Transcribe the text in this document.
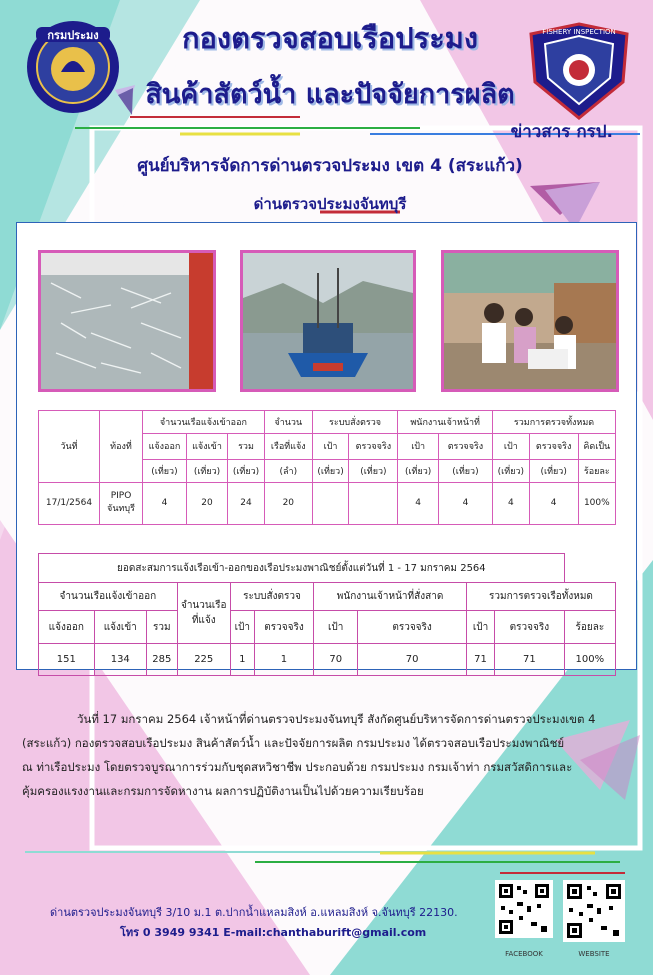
กรมประมง	FISHERY INSPECTION
กองตรวจสอบเรือประมง
สินค้าสัตว์น้ำ และปัจจัยการผลิต
ข่าวสาร กรป.
ศูนย์บริหารจัดการด่านตรวจประมง เขต 4 (สระแก้ว)
ด่านตรวจประมงจันทบุรี
วันที่	ท้องที่	จำนวนเรือแจ้งเข้าออก			จำนวน	ระบบสั่งตรวจ		พนักงานเจ้าหน้าที่		รวมการตรวจทั้งหมด		
		แจ้งออก	แจ้งเข้า	รวม	เรือที่แจ้ง	เป้า	ตรวจจริง	เป้า	ตรวจจริง	เป้า	ตรวจจริง	คิดเป็น
		(เที่ยว)	(เที่ยว)	(เที่ยว)	(ลำ)	(เที่ยว)	(เที่ยว)	(เที่ยว)	(เที่ยว)	(เที่ยว)	(เที่ยว)	ร้อยละ
17/1/2564	PIPO จันทบุรี	4	20	24	20			4	4	4	4	100%
ยอดสะสมการแจ้งเรือเข้า-ออกของเรือประมงพาณิชย์ตั้งแต่วันที่ 1 - 17 มกราคม 2564										
จำนวนเรือแจ้งเข้าออก			จำนวนเรือที่แจ้ง	ระบบสั่งตรวจ		พนักงานเจ้าหน้าที่สั่งสาด		รวมการตรวจเรือทั้งหมด		
แจ้งออก	แจ้งเข้า	รวม		เป้า	ตรวจจริง	เป้า	ตรวจจริง	เป้า	ตรวจจริง	ร้อยละ
151	134	285	225	1	1	70	70	71	71	100%
วันที่ 17 มกราคม 2564 เจ้าหน้าที่ด่านตรวจประมงจันทบุรี สังกัดศูนย์บริหารจัดการด่านตรวจประมงเขต 4
(สระแก้ว) กองตรวจสอบเรือประมง สินค้าสัตว์น้ำ และปัจจัยการผลิต กรมประมง ได้ตรวจสอบเรือประมงพาณิชย์
ณ ท่าเรือประมง โดยตรวจบูรณาการร่วมกับชุดสหวิชาชีพ ประกอบด้วย กรมประมง กรมเจ้าท่า กรมสวัสดิการและ
คุ้มครองแรงงานและกรมการจัดหางาน ผลการปฏิบัติงานเป็นไปด้วยความเรียบร้อย
ด่านตรวจประมงจันทบุรี 3/10 ม.1 ต.ปากน้ำแหลมสิงห์ อ.แหลมสิงห์ จ.จันทบุรี 22130.
โทร 0 3949 9341 E-mail:chanthaburift@gmail.com
FACEBOOK	WEBSITE
